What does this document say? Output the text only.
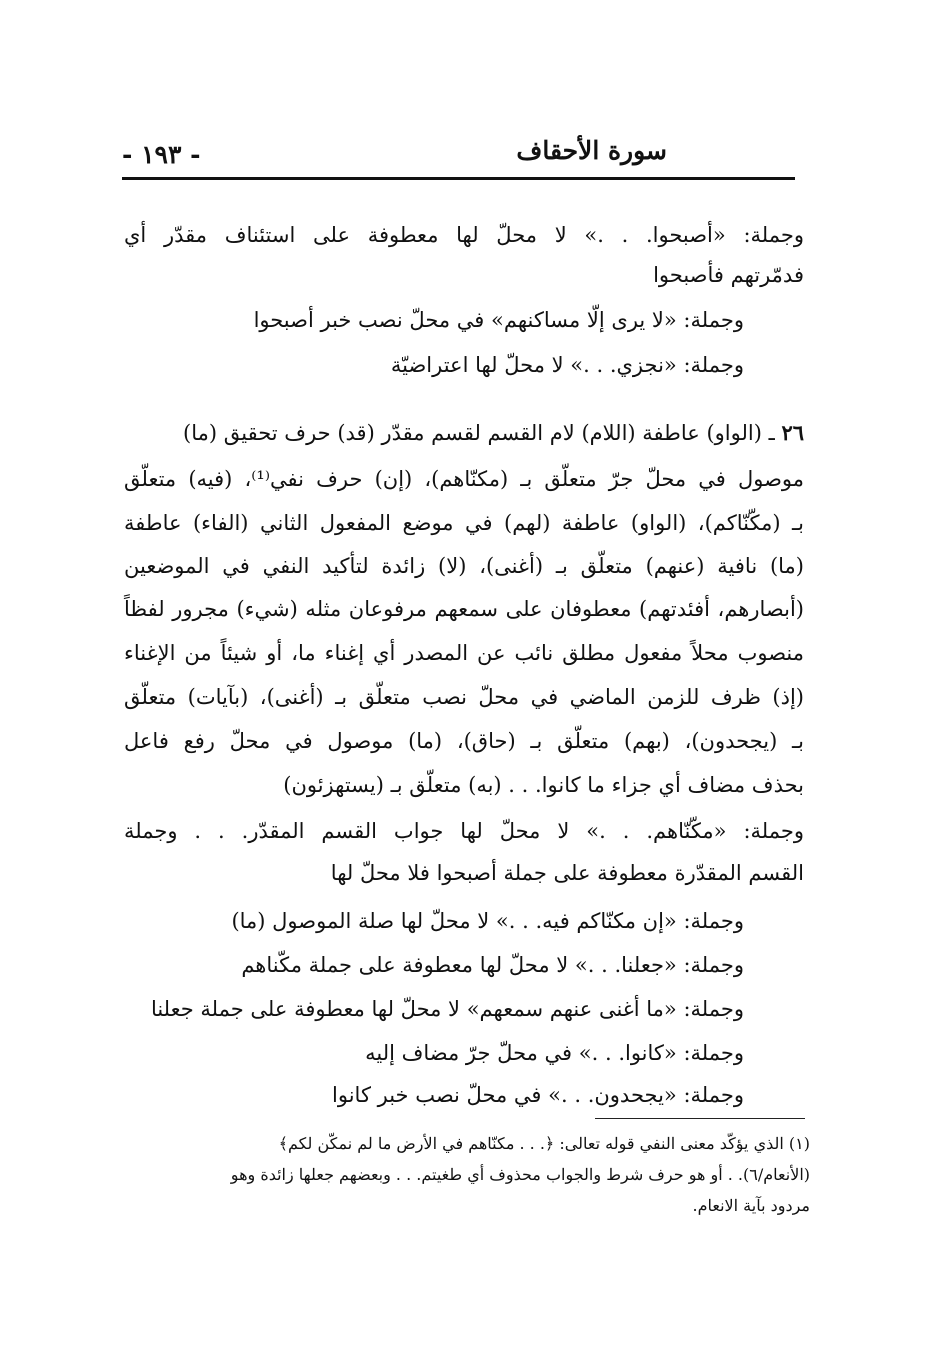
سورة الأحقاف
- ١٩٣ -
وجملة: «أصبحوا. . .» لا محلّ لها معطوفة على استئناف مقدّر أي
فدمّرتهم فأصبحوا
وجملة: «لا يرى إلّا مساكنهم» في محلّ نصب خبر أصبحوا
وجملة: «نجزي. . .» لا محلّ لها اعتراضيّة
٢٦ ـ (الواو) عاطفة (اللام) لام القسم لقسم مقدّر (قد) حرف تحقيق (ما)
موصول في محلّ جرّ متعلّق بـ (مكنّاهم)، (إن) حرف نفي⁽¹⁾، (فيه) متعلّق
بـ (مكّنّاكم)، (الواو) عاطفة (لهم) في موضع المفعول الثاني (الفاء) عاطفة
(ما) نافية (عنهم) متعلّق بـ (أغنى)، (لا) زائدة لتأكيد النفي في الموضعين
(أبصارهم، أفئدتهم) معطوفان على سمعهم مرفوعان مثله (شيء) مجرور لفظاً
منصوب محلاً مفعول مطلق نائب عن المصدر أي إغناء ما، أو شيئاً من الإغناء
(إذ) ظرف للزمن الماضي في محلّ نصب متعلّق بـ (أغنى)، (بآيات) متعلّق
بـ (يجحدون)، (بهم) متعلّق بـ (حاق)، (ما) موصول في محلّ رفع فاعل
بحذف مضاف أي جزاء ما كانوا. . . (به) متعلّق بـ (يستهزئون)
وجملة: «مكّنّاهم. . .» لا محلّ لها جواب القسم المقدّر. . . وجملة
القسم المقدّرة معطوفة على جملة أصبحوا فلا محلّ لها
وجملة: «إن مكنّاكم فيه. . .» لا محلّ لها صلة الموصول (ما)
وجملة: «جعلنا. . .» لا محلّ لها معطوفة على جملة مكّناهم
وجملة: «ما أغنى عنهم سمعهم» لا محلّ لها معطوفة على جملة جعلنا
وجملة: «كانوا. . .» في محلّ جرّ مضاف إليه
وجملة: «يجحدون. . .» في محلّ نصب خبر كانوا
(١) الذي يؤكّد معنى النفي قوله تعالى: ﴿. . . مكنّاهم في الأرض ما لم نمكّن لكم﴾
(الأنعام/٦). . أو هو حرف شرط والجواب محذوف أي طغيتم. . . وبعضهم جعلها زائدة وهو
مردود بآية الانعام.
